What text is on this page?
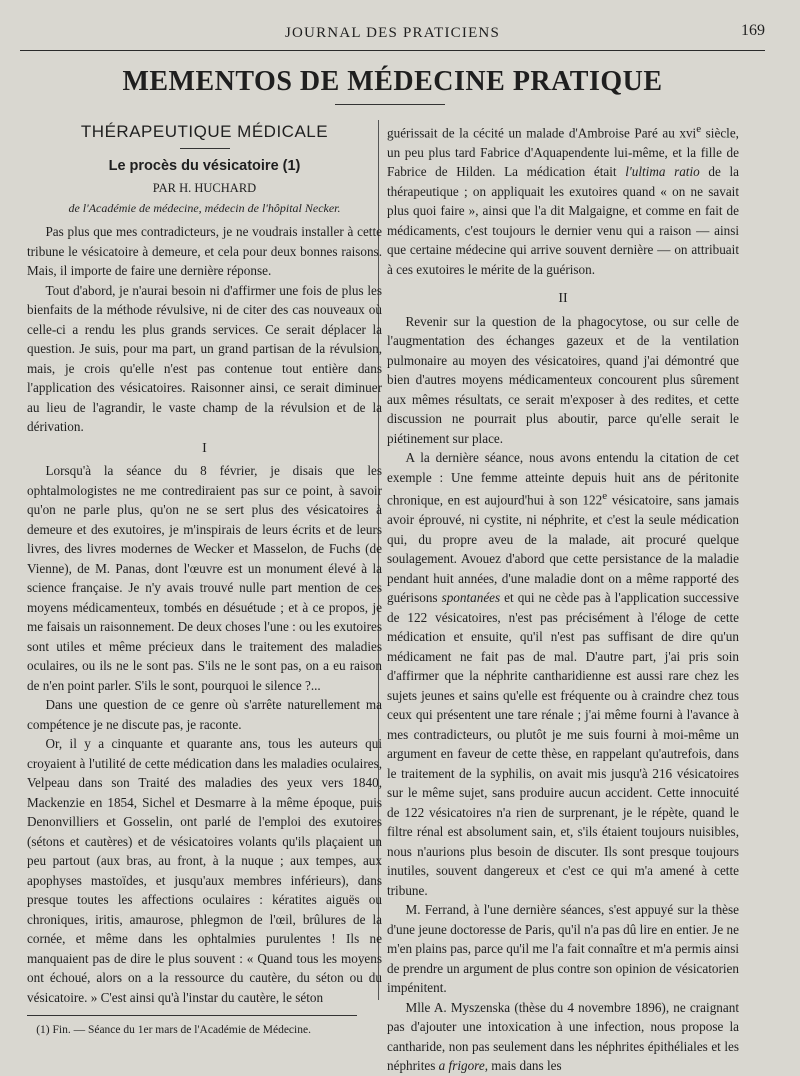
JOURNAL DES PRATICIENS	169
MEMENTOS DE MÉDECINE PRATIQUE
THÉRAPEUTIQUE MÉDICALE
Le procès du vésicatoire (1)
PAR H. HUCHARD
de l'Académie de médecine, médecin de l'hôpital Necker.

Pas plus que mes contradicteurs, je ne voudrais installer à cette tribune le vésicatoire à demeure, et cela pour deux bonnes raisons. Mais, il importe de faire une dernière réponse.

Tout d'abord, je n'aurai besoin ni d'affirmer une fois de plus les bienfaits de la méthode révulsive, ni de citer des cas nouveaux où celle-ci a rendu les plus grands services. Ce serait déplacer la question. Je suis, pour ma part, un grand partisan de la révulsion, mais, je crois qu'elle n'est pas contenue tout entière dans l'application des vésicatoires. Raisonner ainsi, ce serait diminuer au lieu de l'agrandir, le vaste champ de la révulsion et de la dérivation.

I

Lorsqu'à la séance du 8 février, je disais que les ophtalmologistes ne me contrediraient pas sur ce point, à savoir qu'on ne parle plus, qu'on ne se sert plus des vésicatoires à demeure et des exutoires, je m'inspirais de leurs écrits et de leurs livres, des livres modernes de Wecker et Masselon, de Fuchs (de Vienne), de M. Panas, dont l'œuvre est un monument élevé à la science française. Je n'y avais trouvé nulle part mention de ces moyens médicamenteux, tombés en désuétude ; et à ce propos, je me faisais un raisonnement. De deux choses l'une : ou les exutoires sont utiles et même précieux dans le traitement des maladies oculaires, ou ils ne le sont pas. S'ils ne le sont pas, on a eu raison de n'en point parler. S'ils le sont, pourquoi le silence ?...

Dans une question de ce genre où s'arrête naturellement ma compétence je ne discute pas, je raconte.

Or, il y a cinquante et quarante ans, tous les auteurs qui croyaient à l'utilité de cette médication dans les maladies oculaires, Velpeau dans son Traité des maladies des yeux vers 1840, Mackenzie en 1854, Sichel et Desmarre à la même époque, puis Denonvilliers et Gosselin, ont parlé de l'emploi des exutoires (sétons et cautères) et de vésicatoires volants qu'ils plaçaient un peu partout (aux bras, au front, à la nuque ; aux tempes, aux apophyses mastoïdes, et jusqu'aux membres inférieurs), dans presque toutes les affections oculaires : kératites aiguës ou chroniques, iritis, amaurose, phlegmon de l'œil, brûlures de la cornée, et même dans les ophtalmies purulentes ! Ils ne manquaient pas de dire le plus souvent : « Quand tous les moyens ont échoué, alors on a la ressource du cautère, du séton ou du vésicatoire. » C'est ainsi qu'à l'instar du cautère, le séton

(1) Fin. — Séance du 1er mars de l'Académie de Médecine.

guérissait de la cécité un malade d'Ambroise Paré au xvi$^e$ siècle, un peu plus tard Fabrice d'Aquapendente lui-même, et la fille de Fabrice de Hilden. La médication était l'ultima ratio de la thérapeutique ; on appliquait les exutoires quand « on ne savait plus quoi faire », ainsi que l'a dit Malgaigne, et comme en fait de médicaments, c'est toujours le dernier venu qui a raison — ainsi que certaine médecine qui arrive souvent dernière — on attribuait à ces exutoires le mérite de la guérison.

II

Revenir sur la question de la phagocytose, ou sur celle de l'augmentation des échanges gazeux et de la ventilation pulmonaire au moyen des vésicatoires, quand j'ai démontré que bien d'autres moyens médicamenteux concourent plus sûrement aux mêmes résultats, ce serait m'exposer à des redites, et cette discussion ne pourrait plus aboutir, parce qu'elle serait le piétinement sur place.

A la dernière séance, nous avons entendu la citation de cet exemple : Une femme atteinte depuis huit ans de péritonite chronique, en est aujourd'hui à son 122e vésicatoire, sans jamais avoir éprouvé, ni cystite, ni néphrite, et c'est la seule médication qui, du propre aveu de la malade, ait procuré quelque soulagement. Avouez d'abord que cette persistance de la maladie pendant huit années, d'une maladie dont on a même rapporté des guérisons spontanées et qui ne cède pas à l'application successive de 122 vésicatoires, n'est pas précisément à l'éloge de cette médication et ensuite, qu'il n'est pas suffisant de dire qu'un médicament ne fait pas de mal. D'autre part, j'ai pris soin d'affirmer que la néphrite cantharidienne est aussi rare chez les sujets jeunes et sains qu'elle est fréquente ou à craindre chez tous ceux qui présentent une tare rénale ; j'ai même fourni à l'avance à mes contradicteurs, ou plutôt je me suis fourni à moi-même un argument en faveur de cette thèse, en rappelant qu'autrefois, dans le traitement de la syphilis, on avait mis jusqu'à 216 vésicatoires sur le même sujet, sans produire aucun accident. Cette innocuité de 122 vésicatoires n'a rien de surprenant, je le répète, quand le filtre rénal est absolument sain, et, s'ils étaient toujours nuisibles, nous n'aurions plus besoin de discuter. Ils sont presque toujours inutiles, souvent dangereux et c'est ce qui m'a amené à cette tribune.

M. Ferrand, à l'une dernière séances, s'est appuyé sur la thèse d'une jeune doctoresse de Paris, qu'il n'a pas dû lire en entier. Je ne m'en plains pas, parce qu'il me l'a fait connaître et m'a permis ainsi de prendre un argument de plus contre son opinion de vésicatorien impénitent.

Mlle A. Myszenska (thèse du 4 novembre 1896), ne craignant pas d'ajouter une intoxication à une infection, nous propose la cantharide, non pas seulement dans les néphrites épithéliales et les néphrites a frigore, mais dans les
